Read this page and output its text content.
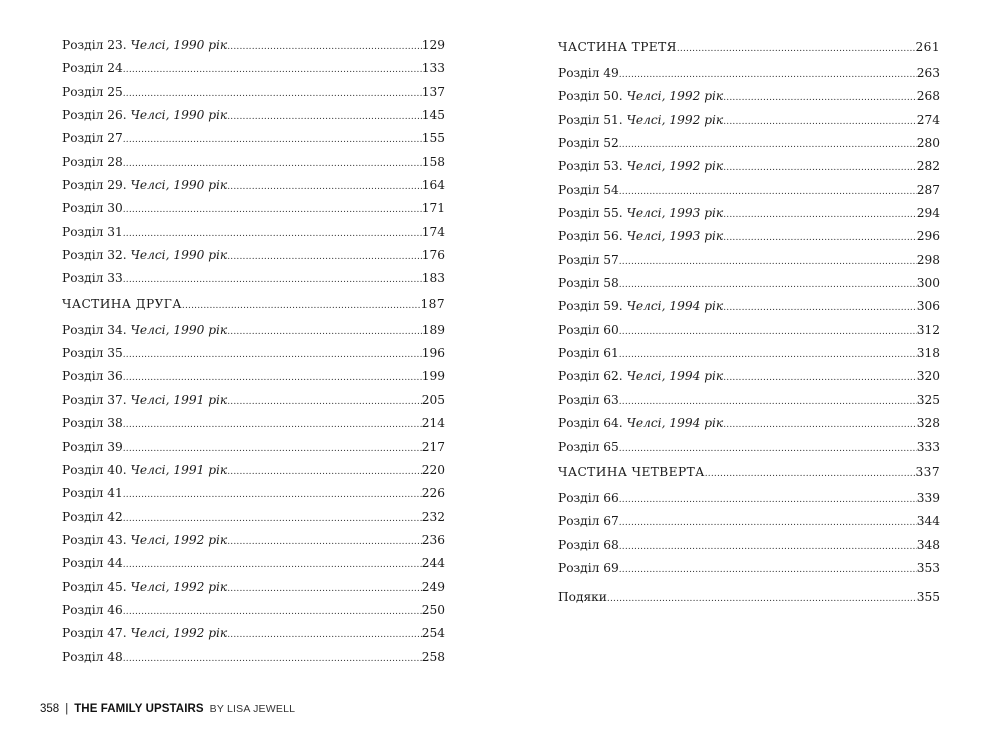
Розділ 23. Челсі, 1990 рік .....	129
Розділ 24 .....	133
Розділ 25 .....	137
Розділ 26. Челсі, 1990 рік .....	145
Розділ 27 .....	155
Розділ 28 .....	158
Розділ 29. Челсі, 1990 рік .....	164
Розділ 30 .....	171
Розділ 31 .....	174
Розділ 32. Челсі, 1990 рік .....	176
Розділ 33 .....	183
ЧАСТИНА ДРУГА .....	187
Розділ 34. Челсі, 1990 рік .....	189
Розділ 35 .....	196
Розділ 36 .....	199
Розділ 37. Челсі, 1991 рік .....	205
Розділ 38 .....	214
Розділ 39 .....	217
Розділ 40. Челсі, 1991 рік .....	220
Розділ 41 .....	226
Розділ 42 .....	232
Розділ 43. Челсі, 1992 рік .....	236
Розділ 44 .....	244
Розділ 45. Челсі, 1992 рік .....	249
Розділ 46 .....	250
Розділ 47. Челсі, 1992 рік .....	254
Розділ 48 .....	258
ЧАСТИНА ТРЕТЯ .....	261
Розділ 49 .....	263
Розділ 50. Челсі, 1992 рік .....	268
Розділ 51. Челсі, 1992 рік .....	274
Розділ 52 .....	280
Розділ 53. Челсі, 1992 рік .....	282
Розділ 54 .....	287
Розділ 55. Челсі, 1993 рік .....	294
Розділ 56. Челсі, 1993 рік .....	296
Розділ 57 .....	298
Розділ 58 .....	300
Розділ 59. Челсі, 1994 рік .....	306
Розділ 60 .....	312
Розділ 61 .....	318
Розділ 62. Челсі, 1994 рік .....	320
Розділ 63 .....	325
Розділ 64. Челсі, 1994 рік .....	328
Розділ 65 .....	333
ЧАСТИНА ЧЕТВЕРТА .....	337
Розділ 66 .....	339
Розділ 67 .....	344
Розділ 68 .....	348
Розділ 69 .....	353
Подяки .....	355
358 | THE FAMILY UPSTAIRS BY LISA JEWELL
